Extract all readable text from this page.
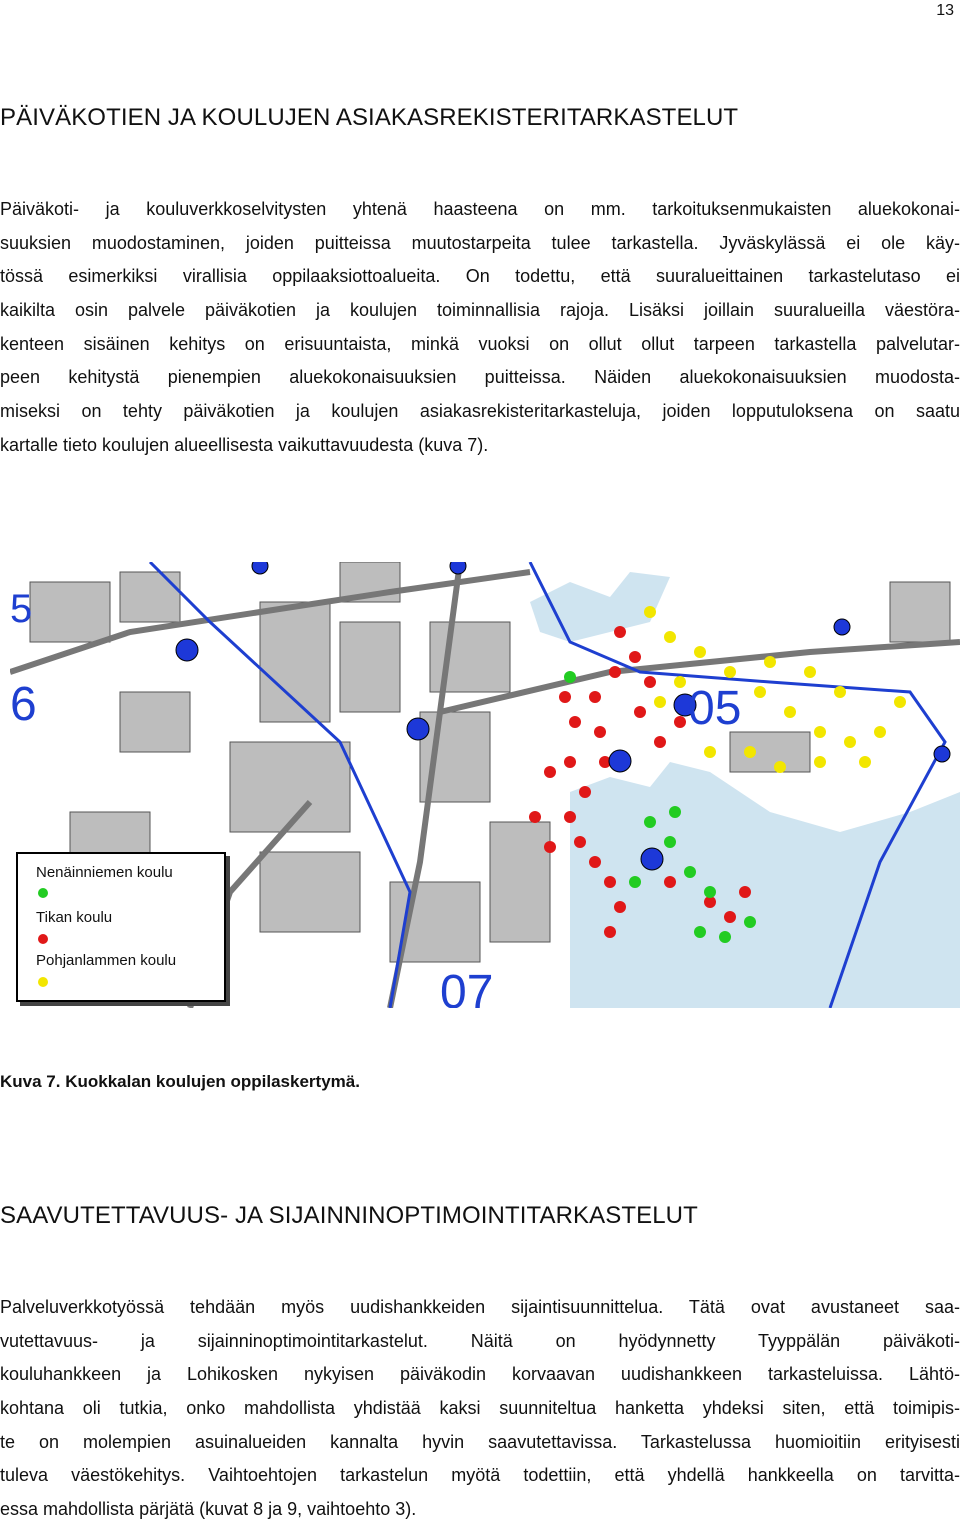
13
PÄIVÄKOTIEN JA KOULUJEN ASIAKASREKISTERITARKASTELUT
Päiväkoti- ja kouluverkkoselvitysten yhtenä haasteena on mm. tarkoituksenmukaisten aluekokonai-
suuksien muodostaminen, joiden puitteissa muutostarpeita tulee tarkastella. Jyväskylässä ei ole käy-
tössä esimerkiksi virallisia oppilaaksiottoalueita. On todettu, että suuralueittainen tarkastelutaso ei
kaikilta osin palvele päiväkotien ja koulujen toiminnallisia rajoja. Lisäksi joillain suuralueilla väestöra-
kenteen sisäinen kehitys on erisuuntaista, minkä vuoksi on ollut ollut tarpeen tarkastella palvelutar-
peen kehitystä pienempien aluekokonaisuuksien puitteissa. Näiden aluekokonaisuuksien muodosta-
miseksi on tehty päiväkotien ja koulujen asiakasrekisteritarkasteluja, joiden lopputuloksena on saatu
kartalle tieto koulujen alueellisesta vaikuttavuudesta (kuva 7).
6	05
07
5
Nenäinniemen koulu
Tikan koulu
Pohjanlammen koulu
Kuva 7. Kuokkalan koulujen oppilaskertymä.
SAAVUTETTAVUUS- JA SIJAINNINOPTIMOINTITARKASTELUT
Palveluverkkotyössä tehdään myös uudishankkeiden sijaintisuunnittelua. Tätä ovat avustaneet saa-
vutettavuus- ja sijainninoptimointitarkastelut. Näitä on hyödynnetty Tyyppälän päiväkoti-
kouluhankkeen ja Lohikosken nykyisen päiväkodin korvaavan uudishankkeen tarkasteluissa. Lähtö-
kohtana oli tutkia, onko mahdollista yhdistää kaksi suunniteltua hanketta yhdeksi siten, että toimipis-
te on molempien asuinalueiden kannalta hyvin saavutettavissa. Tarkastelussa huomioitiin erityisesti
tuleva väestökehitys. Vaihtoehtojen tarkastelun myötä todettiin, että yhdellä hankkeella on tarvitta-
essa mahdollista pärjätä (kuvat 8 ja 9, vaihtoehto 3).
